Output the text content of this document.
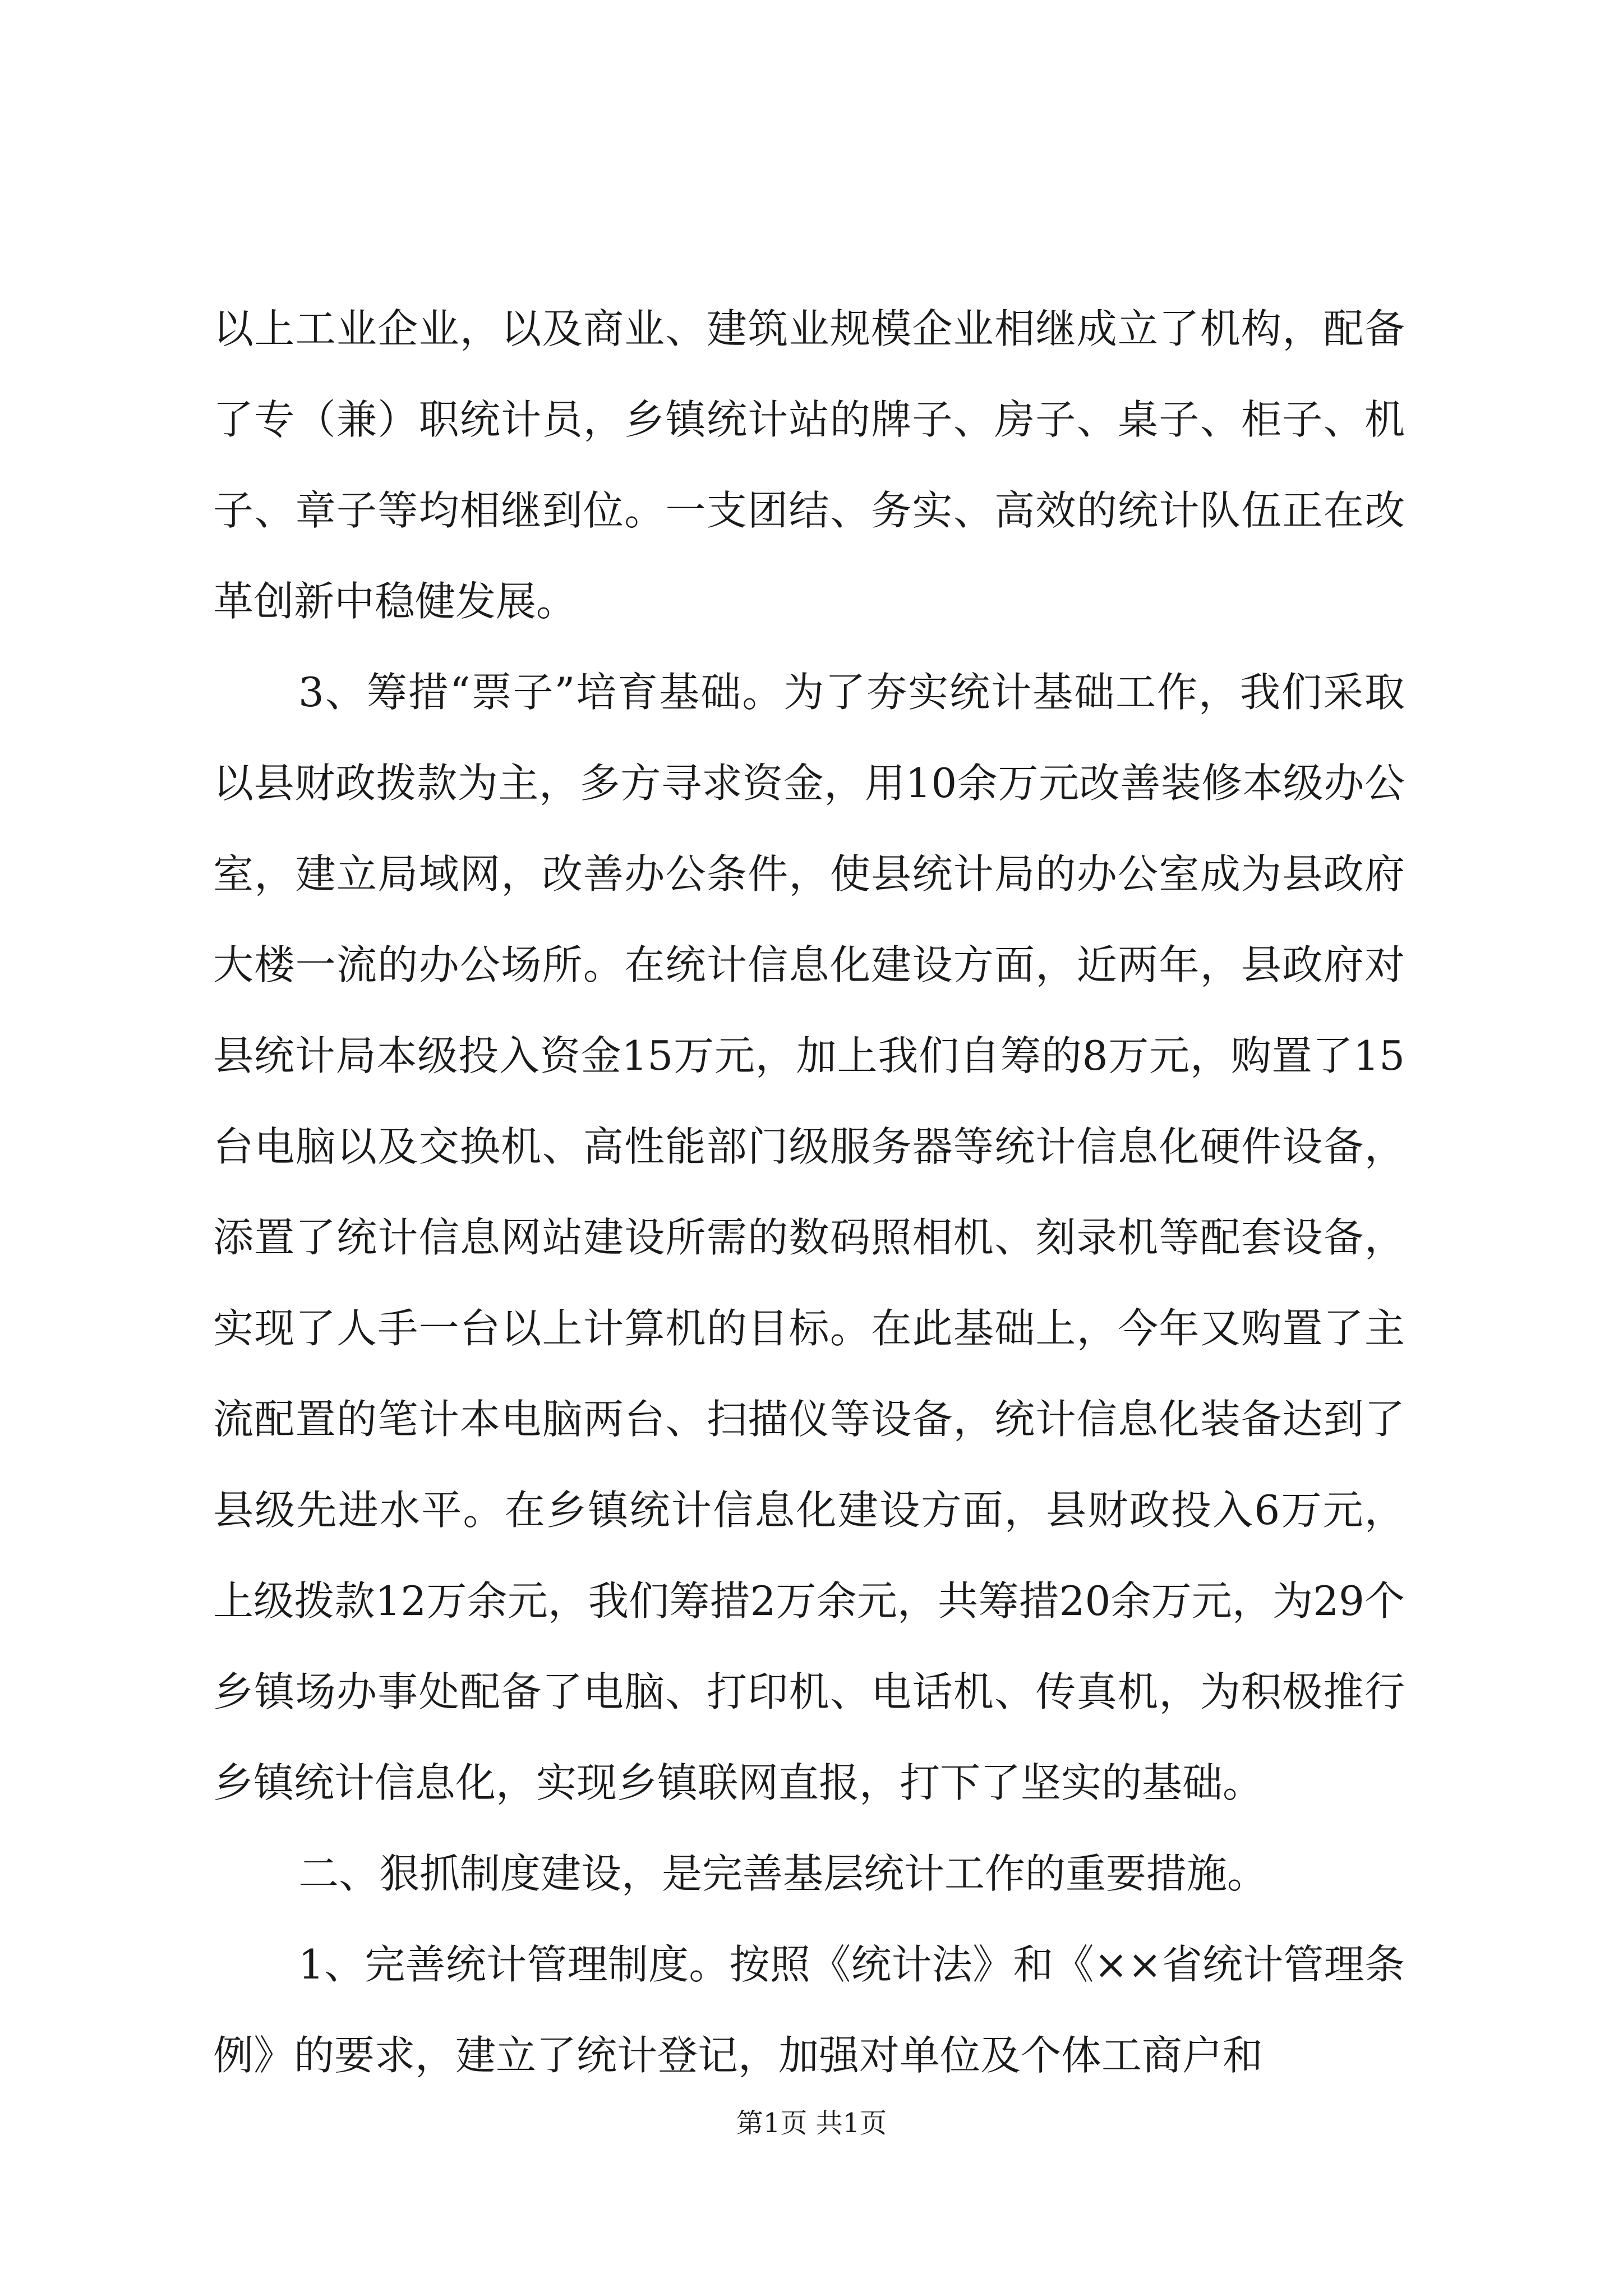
以上工业企业，以及商业、建筑业规模企业相继成立了机构，配备了专（兼）职统计员，乡镇统计站的牌子、房子、桌子、柜子、机子、章子等均相继到位。一支团结、务实、高效的统计队伍正在改革创新中稳健发展。

3、筹措“票子”培育基础。为了夯实统计基础工作，我们采取以县财政拨款为主，多方寻求资金，用10余万元改善装修本级办公室，建立局域网，改善办公条件，使县统计局的办公室成为县政府大楼一流的办公场所。在统计信息化建设方面，近两年，县政府对县统计局本级投入资金15万元，加上我们自筹的8万元，购置了15台电脑以及交换机、高性能部门级服务器等统计信息化硬件设备，添置了统计信息网站建设所需的数码照相机、刻录机等配套设备，实现了人手一台以上计算机的目标。在此基础上，今年又购置了主流配置的笔计本电脑两台、扫描仪等设备，统计信息化装备达到了县级先进水平。在乡镇统计信息化建设方面，县财政投入6万元，上级拨款12万余元，我们筹措2万余元，共筹措20余万元，为29个乡镇场办事处配备了电脑、打印机、电话机、传真机，为积极推行乡镇统计信息化，实现乡镇联网直报，打下了坚实的基础。

二、狠抓制度建设，是完善基层统计工作的重要措施。

1、完善统计管理制度。按照《统计法》和《××省统计管理条例》的要求，建立了统计登记，加强对单位及个体工商户和

第1页 共1页
